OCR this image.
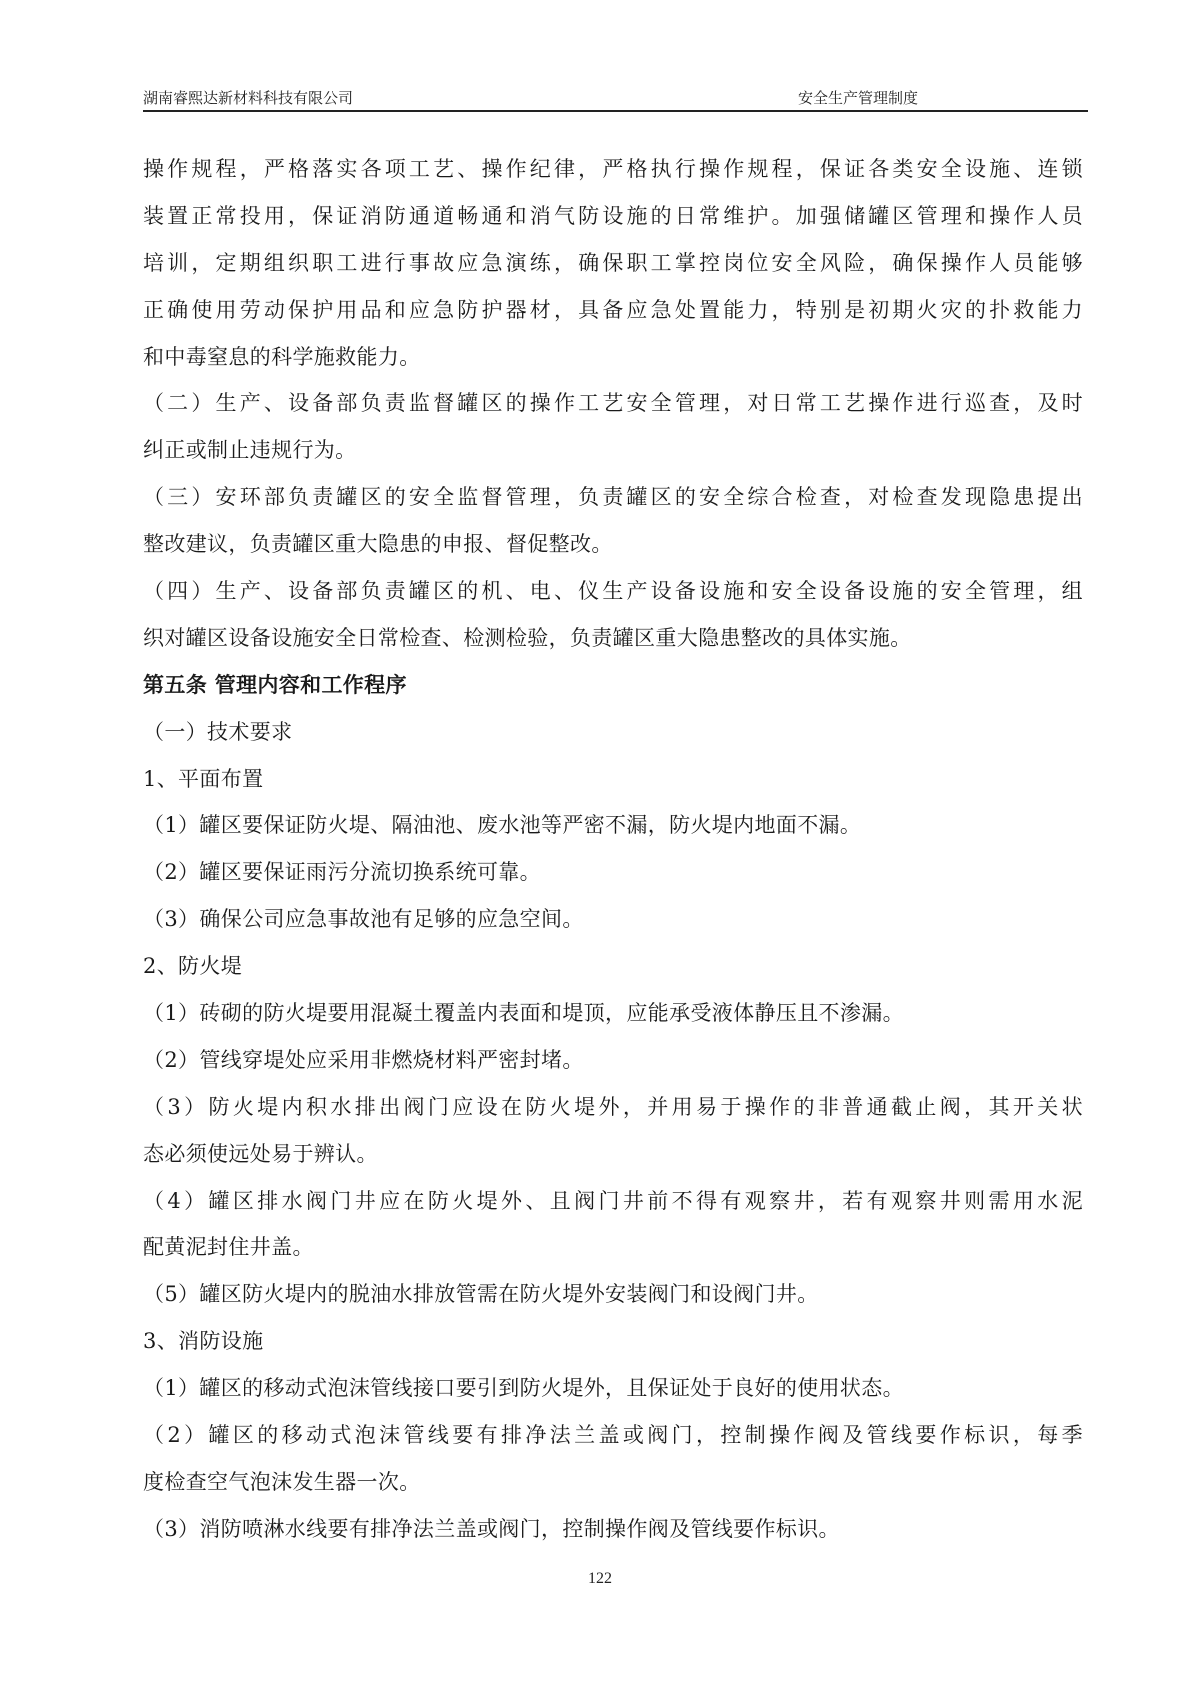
湖南睿熙达新材料科技有限公司	安全生产管理制度
操作规程，严格落实各项工艺、操作纪律，严格执行操作规程，保证各类安全设施、连锁
装置正常投用，保证消防通道畅通和消气防设施的日常维护。加强储罐区管理和操作人员
培训，定期组织职工进行事故应急演练，确保职工掌控岗位安全风险，确保操作人员能够
正确使用劳动保护用品和应急防护器材，具备应急处置能力，特别是初期火灾的扑救能力
和中毒窒息的科学施救能力。
（二）生产、设备部负责监督罐区的操作工艺安全管理，对日常工艺操作进行巡查，及时
纠正或制止违规行为。
（三）安环部负责罐区的安全监督管理，负责罐区的安全综合检查，对检查发现隐患提出
整改建议，负责罐区重大隐患的申报、督促整改。
（四）生产、设备部负责罐区的机、电、仪生产设备设施和安全设备设施的安全管理，组
织对罐区设备设施安全日常检查、检测检验，负责罐区重大隐患整改的具体实施。
第五条 管理内容和工作程序
（一）技术要求
1、平面布置
（1）罐区要保证防火堤、隔油池、废水池等严密不漏，防火堤内地面不漏。
（2）罐区要保证雨污分流切换系统可靠。
（3）确保公司应急事故池有足够的应急空间。
2、防火堤
（1）砖砌的防火堤要用混凝土覆盖内表面和堤顶，应能承受液体静压且不渗漏。
（2）管线穿堤处应采用非燃烧材料严密封堵。
（3）防火堤内积水排出阀门应设在防火堤外，并用易于操作的非普通截止阀，其开关状
态必须使远处易于辨认。
（4）罐区排水阀门井应在防火堤外、且阀门井前不得有观察井，若有观察井则需用水泥
配黄泥封住井盖。
（5）罐区防火堤内的脱油水排放管需在防火堤外安装阀门和设阀门井。
3、消防设施
（1）罐区的移动式泡沫管线接口要引到防火堤外，且保证处于良好的使用状态。
（2）罐区的移动式泡沫管线要有排净法兰盖或阀门，控制操作阀及管线要作标识，每季
度检查空气泡沫发生器一次。
（3）消防喷淋水线要有排净法兰盖或阀门，控制操作阀及管线要作标识。
122
